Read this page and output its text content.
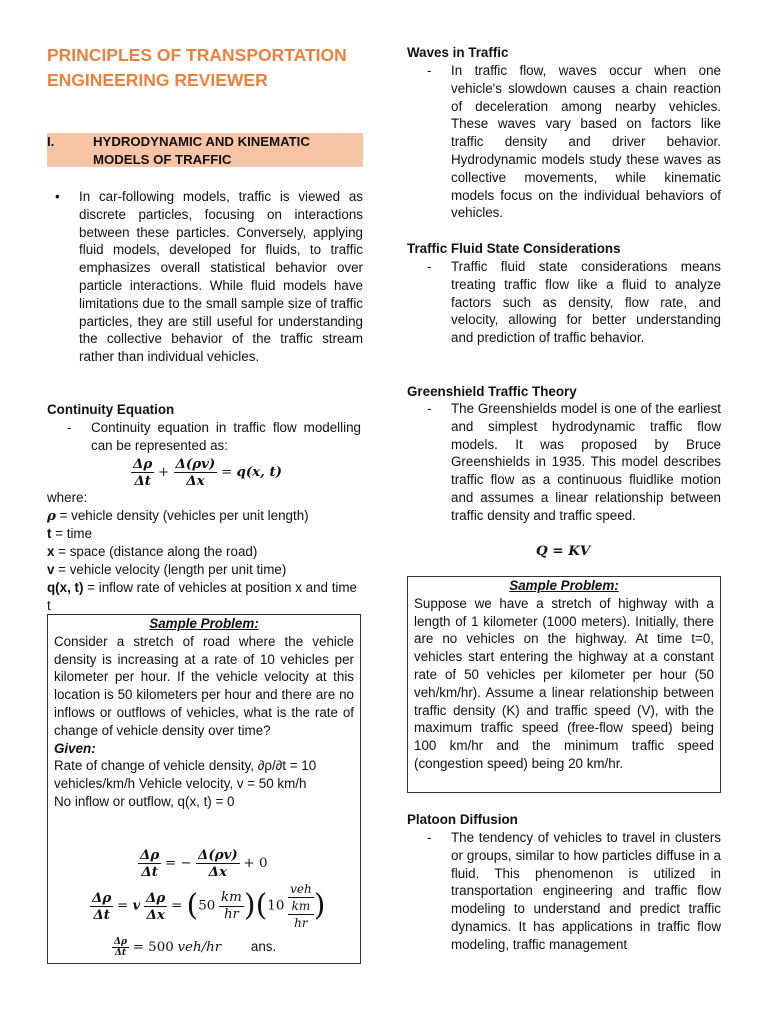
PRINCIPLES OF TRANSPORTATION ENGINEERING REVIEWER
I.	HYDRODYNAMIC AND KINEMATIC MODELS OF TRAFFIC
• In car-following models, traffic is viewed as discrete particles, focusing on interactions between these particles. Conversely, applying fluid models, developed for fluids, to traffic emphasizes overall statistical behavior over particle interactions. While fluid models have limitations due to the small sample size of traffic particles, they are still useful for understanding the collective behavior of the traffic stream rather than individual vehicles.

Continuity Equation
- Continuity equation in traffic flow modelling can be represented as:

$\frac{\Delta\rho}{\Delta t} + \frac{\Delta(\rho v)}{\Delta x} = q(x$, t)
where:
ρ = vehicle density (vehicles per unit length)
t = time
x = space (distance along the road)
v = vehicle velocity (length per unit time)
q(x, t) = inflow rate of vehicles at position x and time t
Sample Problem:

Consider a stretch of road where the vehicle density is increasing at a rate of 10 vehicles per kilometer per hour. If the vehicle velocity at this location is 50 kilometers per hour and there are no inflows or outflows of vehicles, what is the rate of change of vehicle density over time?

Given:
Rate of change of vehicle density, ∂ρ/∂t = 10 vehicles/km/h Vehicle velocity, v = 50 km/h
No inflow or outflow, q(x, t) = 0
$\frac{\Delta\rho}{\Delta t}$ = − $\frac{\Delta(\rho v)}{\Delta x} + 0$
$\frac{\Delta\rho}{\Delta t} = v \frac{\Delta\rho}{\Delta x} = (50 \frac{km}{hr} )(10$
veh
km
hr )
$\frac{\Delta\rho}{\Delta t} = 500$ veh/hr ans.
Waves in Traffic
- In traffic flow, waves occur when one vehicle's slowdown causes a chain reaction of deceleration among nearby vehicles. These waves vary based on factors like traffic density and driver behavior. Hydrodynamic models study these waves as collective movements, while kinematic models focus on the individual behaviors of vehicles.

Traffic Fluid State Considerations
- Traffic fluid state considerations means treating traffic flow like a fluid to analyze factors such as density, flow rate, and velocity, allowing for better understanding and prediction of traffic behavior.

Greenshield Traffic Theory
- The Greenshields model is one of the earliest and simplest hydrodynamic traffic flow models. It was proposed by Bruce Greenshields in 1935. This model describes traffic flow as a continuous fluidlike motion and assumes a linear relationship between traffic density and traffic speed.

Q = KV
Sample Problem:

Suppose we have a stretch of highway with a length of 1 kilometer (1000 meters). Initially, there are no vehicles on the highway. At time t=0, vehicles start entering the highway at a constant rate of 50 vehicles per kilometer per hour (50 veh/km/hr). Assume a linear relationship between traffic density (K) and traffic speed (V), with the maximum traffic speed (free-flow speed) being 100 km/hr and the minimum traffic speed (congestion speed) being 20 km/hr.

Platoon Diffusion
- The tendency of vehicles to travel in clusters or groups, similar to how particles diffuse in a fluid. This phenomenon is utilized in transportation engineering and traffic flow modeling to understand and predict traffic dynamics. It has applications in traffic flow modeling, traffic management
